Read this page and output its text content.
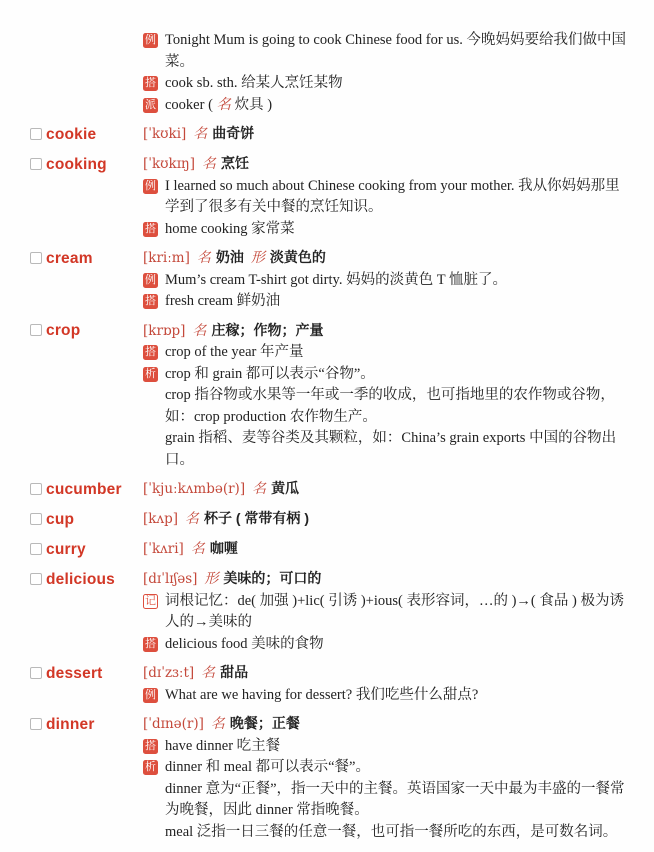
例 Tonight Mum is going to cook Chinese food for us. 今晚妈妈要给我们做中国菜。
搭 cook sb. sth. 给某人烹饪某物
派 cooker ( 名 炊具 )
cookie	[ˈkʊki] 名 曲奇饼
cooking	[ˈkʊkɪŋ] 名 烹饪
例 I learned so much about Chinese cooking from your mother. 我从你妈妈那里学到了很多有关中餐的烹饪知识。
搭 home cooking 家常菜
cream	[kriːm] 名 奶油 形 淡黄色的
例 Mum’s cream T-shirt got dirty. 妈妈的淡黄色 T 恤脏了。
搭 fresh cream 鲜奶油
crop	[krɒp] 名 庄稼；作物；产量
搭 crop of the year 年产量
析 crop 和 grain 都可以表示“谷物”。
crop 指谷物或水果等一年或一季的收成，也可指地里的农作物或谷物，如：crop production 农作物生产。
grain 指稻、麦等谷类及其颗粒，如：China’s grain exports 中国的谷物出口。
cucumber	[ˈkjuːkʌmbə(r)] 名 黄瓜
cup	[kʌp] 名 杯子 ( 常带有柄 )
curry	[ˈkʌri] 名 咖喱
delicious	[dɪˈlɪʃəs] 形 美味的；可口的
记 词根记忆：de( 加强 )+lic( 引诱 )+ious( 表形容词，…的 )→( 食品 ) 极为诱人的→美味的
搭 delicious food 美味的食物
dessert	[dɪˈzɜːt] 名 甜品
例 What are we having for dessert? 我们吃些什么甜点?
dinner	[ˈdɪnə(r)] 名 晚餐；正餐
搭 have dinner 吃主餐
析 dinner 和 meal 都可以表示“餐”。
dinner 意为“正餐”，指一天中的主餐。英语国家一天中最为丰盛的一餐常为晚餐，因此 dinner 常指晚餐。
meal 泛指一日三餐的任意一餐，也可指一餐所吃的东西，是可数名词。
